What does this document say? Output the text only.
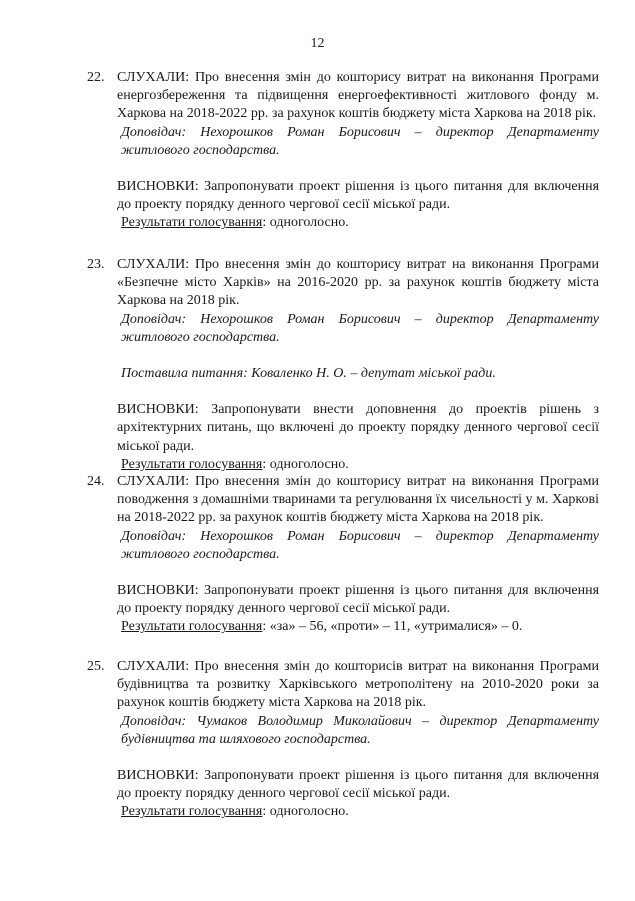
12
22. СЛУХАЛИ: Про внесення змін до кошторису витрат на виконання Програми енергозбереження та підвищення енергоефективності житлового фонду м. Харкова на 2018-2022 рр. за рахунок коштів бюджету міста Харкова на 2018 рік.
Доповідач: Нехорошков Роман Борисович – директор Департаменту житлового господарства.
ВИСНОВКИ: Запропонувати проект рішення із цього питання для включення до проекту порядку денного чергової сесії міської ради.
Результати голосування: одноголосно.
23. СЛУХАЛИ: Про внесення змін до кошторису витрат на виконання Програми «Безпечне місто Харків» на 2016-2020 рр. за рахунок коштів бюджету міста Харкова на 2018 рік.
Доповідач: Нехорошков Роман Борисович – директор Департаменту житлового господарства.
Поставила питання: Коваленко Н. О. – депутат міської ради.
ВИСНОВКИ: Запропонувати внести доповнення до проектів рішень з архітектурних питань, що включені до проекту порядку денного чергової сесії міської ради.
Результати голосування: одноголосно.
24. СЛУХАЛИ: Про внесення змін до кошторису витрат на виконання Програми поводження з домашніми тваринами та регулювання їх чисельності у м. Харкові на 2018-2022 рр. за рахунок коштів бюджету міста Харкова на 2018 рік.
Доповідач: Нехорошков Роман Борисович – директор Департаменту житлового господарства.
ВИСНОВКИ: Запропонувати проект рішення із цього питання для включення до проекту порядку денного чергової сесії міської ради.
Результати голосування: «за» – 56, «проти» – 11, «утрималися» – 0.
25. СЛУХАЛИ: Про внесення змін до кошторисів витрат на виконання Програми будівництва та розвитку Харківського метрополітену на 2010-2020 роки за рахунок коштів бюджету міста Харкова на 2018 рік.
Доповідач: Чумаков Володимир Миколайович – директор Департаменту будівництва та шляхового господарства.
ВИСНОВКИ: Запропонувати проект рішення із цього питання для включення до проекту порядку денного чергової сесії міської ради.
Результати голосування: одноголосно.
